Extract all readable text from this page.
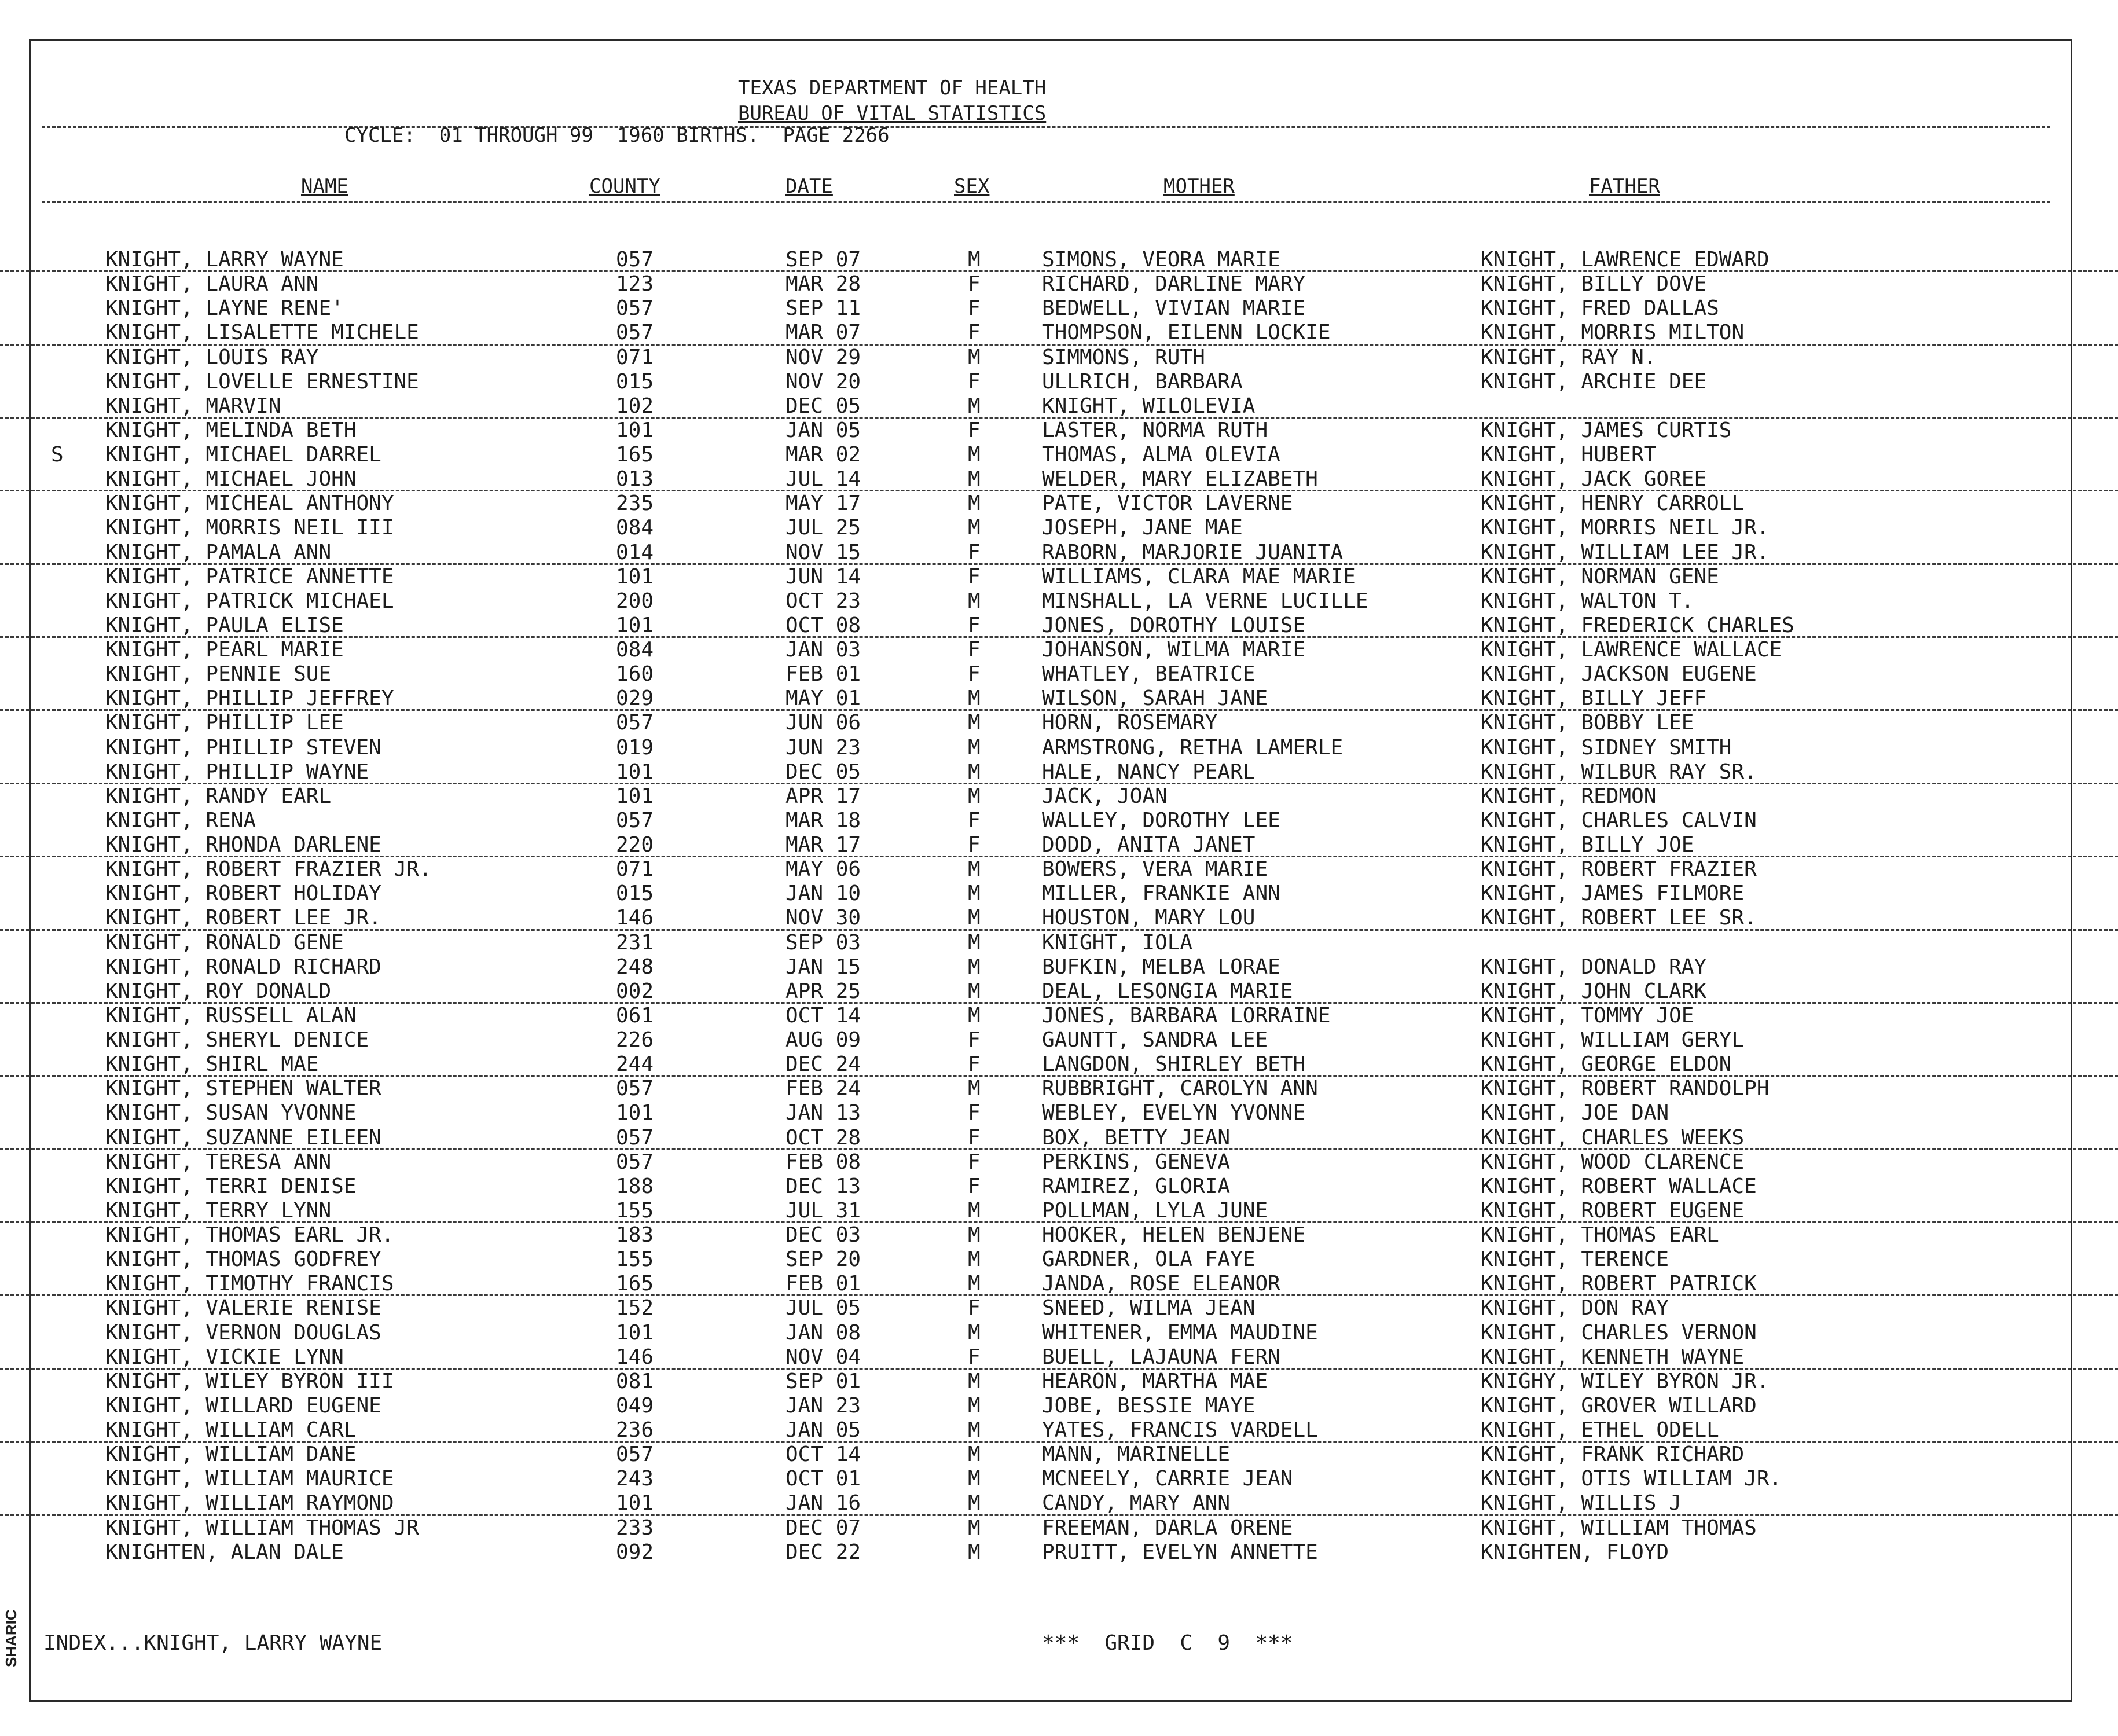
TEXAS DEPARTMENT OF HEALTH
BUREAU OF VITAL STATISTICS
CYCLE:  01 THROUGH 99  1960 BIRTHS.  PAGE 2266
NAME	COUNTY	DATE	SEX	MOTHER	FATHER
KNIGHT, LARRY WAYNE	057	SEP 07	M	SIMONS, VEORA MARIE	KNIGHT, LAWRENCE EDWARD
KNIGHT, LAURA ANN	123	MAR 28	F	RICHARD, DARLINE MARY	KNIGHT, BILLY DOVE
KNIGHT, LAYNE RENE'	057	SEP 11	F	BEDWELL, VIVIAN MARIE	KNIGHT, FRED DALLAS
KNIGHT, LISALETTE MICHELE	057	MAR 07	F	THOMPSON, EILENN LOCKIE	KNIGHT, MORRIS MILTON
KNIGHT, LOUIS RAY	071	NOV 29	M	SIMMONS, RUTH	KNIGHT, RAY N.
KNIGHT, LOVELLE ERNESTINE	015	NOV 20	F	ULLRICH, BARBARA	KNIGHT, ARCHIE DEE
KNIGHT, MARVIN	102	DEC 05	M	KNIGHT, WILOLEVIA
KNIGHT, MELINDA BETH	101	JAN 05	F	LASTER, NORMA RUTH	KNIGHT, JAMES CURTIS
S KNIGHT, MICHAEL DARREL	165	MAR 02	M	THOMAS, ALMA OLEVIA	KNIGHT, HUBERT
KNIGHT, MICHAEL JOHN	013	JUL 14	M	WELDER, MARY ELIZABETH	KNIGHT, JACK GOREE
KNIGHT, MICHEAL ANTHONY	235	MAY 17	M	PATE, VICTOR LAVERNE	KNIGHT, HENRY CARROLL
KNIGHT, MORRIS NEIL III	084	JUL 25	M	JOSEPH, JANE MAE	KNIGHT, MORRIS NEIL JR.
KNIGHT, PAMALA ANN	014	NOV 15	F	RABORN, MARJORIE JUANITA	KNIGHT, WILLIAM LEE JR.
KNIGHT, PATRICE ANNETTE	101	JUN 14	F	WILLIAMS, CLARA MAE MARIE	KNIGHT, NORMAN GENE
KNIGHT, PATRICK MICHAEL	200	OCT 23	M	MINSHALL, LA VERNE LUCILLE	KNIGHT, WALTON T.
KNIGHT, PAULA ELISE	101	OCT 08	F	JONES, DOROTHY LOUISE	KNIGHT, FREDERICK CHARLES
KNIGHT, PEARL MARIE	084	JAN 03	F	JOHANSON, WILMA MARIE	KNIGHT, LAWRENCE WALLACE
KNIGHT, PENNIE SUE	160	FEB 01	F	WHATLEY, BEATRICE	KNIGHT, JACKSON EUGENE
KNIGHT, PHILLIP JEFFREY	029	MAY 01	M	WILSON, SARAH JANE	KNIGHT, BILLY JEFF
KNIGHT, PHILLIP LEE	057	JUN 06	M	HORN, ROSEMARY	KNIGHT, BOBBY LEE
KNIGHT, PHILLIP STEVEN	019	JUN 23	M	ARMSTRONG, RETHA LAMERLE	KNIGHT, SIDNEY SMITH
KNIGHT, PHILLIP WAYNE	101	DEC 05	M	HALE, NANCY PEARL	KNIGHT, WILBUR RAY SR.
KNIGHT, RANDY EARL	101	APR 17	M	JACK, JOAN	KNIGHT, REDMON
KNIGHT, RENA	057	MAR 18	F	WALLEY, DOROTHY LEE	KNIGHT, CHARLES CALVIN
KNIGHT, RHONDA DARLENE	220	MAR 17	F	DODD, ANITA JANET	KNIGHT, BILLY JOE
KNIGHT, ROBERT FRAZIER JR.	071	MAY 06	M	BOWERS, VERA MARIE	KNIGHT, ROBERT FRAZIER
KNIGHT, ROBERT HOLIDAY	015	JAN 10	M	MILLER, FRANKIE ANN	KNIGHT, JAMES FILMORE
KNIGHT, ROBERT LEE JR.	146	NOV 30	M	HOUSTON, MARY LOU	KNIGHT, ROBERT LEE SR.
KNIGHT, RONALD GENE	231	SEP 03	M	KNIGHT, IOLA
KNIGHT, RONALD RICHARD	248	JAN 15	M	BUFKIN, MELBA LORAE	KNIGHT, DONALD RAY
KNIGHT, ROY DONALD	002	APR 25	M	DEAL, LESONGIA MARIE	KNIGHT, JOHN CLARK
KNIGHT, RUSSELL ALAN	061	OCT 14	M	JONES, BARBARA LORRAINE	KNIGHT, TOMMY JOE
KNIGHT, SHERYL DENICE	226	AUG 09	F	GAUNTT, SANDRA LEE	KNIGHT, WILLIAM GERYL
KNIGHT, SHIRL MAE	244	DEC 24	F	LANGDON, SHIRLEY BETH	KNIGHT, GEORGE ELDON
KNIGHT, STEPHEN WALTER	057	FEB 24	M	RUBBRIGHT, CAROLYN ANN	KNIGHT, ROBERT RANDOLPH
KNIGHT, SUSAN YVONNE	101	JAN 13	F	WEBLEY, EVELYN YVONNE	KNIGHT, JOE DAN
KNIGHT, SUZANNE EILEEN	057	OCT 28	F	BOX, BETTY JEAN	KNIGHT, CHARLES WEEKS
KNIGHT, TERESA ANN	057	FEB 08	F	PERKINS, GENEVA	KNIGHT, WOOD CLARENCE
KNIGHT, TERRI DENISE	188	DEC 13	F	RAMIREZ, GLORIA	KNIGHT, ROBERT WALLACE
KNIGHT, TERRY LYNN	155	JUL 31	M	POLLMAN, LYLA JUNE	KNIGHT, ROBERT EUGENE
KNIGHT, THOMAS EARL JR.	183	DEC 03	M	HOOKER, HELEN BENJENE	KNIGHT, THOMAS EARL
KNIGHT, THOMAS GODFREY	155	SEP 20	M	GARDNER, OLA FAYE	KNIGHT, TERENCE
KNIGHT, TIMOTHY FRANCIS	165	FEB 01	M	JANDA, ROSE ELEANOR	KNIGHT, ROBERT PATRICK
KNIGHT, VALERIE RENISE	152	JUL 05	F	SNEED, WILMA JEAN	KNIGHT, DON RAY
KNIGHT, VERNON DOUGLAS	101	JAN 08	M	WHITENER, EMMA MAUDINE	KNIGHT, CHARLES VERNON
KNIGHT, VICKIE LYNN	146	NOV 04	F	BUELL, LAJAUNA FERN	KNIGHT, KENNETH WAYNE
KNIGHT, WILEY BYRON III	081	SEP 01	M	HEARON, MARTHA MAE	KNIGHY, WILEY BYRON JR.
KNIGHT, WILLARD EUGENE	049	JAN 23	M	JOBE, BESSIE MAYE	KNIGHT, GROVER WILLARD
KNIGHT, WILLIAM CARL	236	JAN 05	M	YATES, FRANCIS VARDELL	KNIGHT, ETHEL ODELL
KNIGHT, WILLIAM DANE	057	OCT 14	M	MANN, MARINELLE	KNIGHT, FRANK RICHARD
KNIGHT, WILLIAM MAURICE	243	OCT 01	M	MCNEELY, CARRIE JEAN	KNIGHT, OTIS WILLIAM JR.
KNIGHT, WILLIAM RAYMOND	101	JAN 16	M	CANDY, MARY ANN	KNIGHT, WILLIS J
KNIGHT, WILLIAM THOMAS JR	233	DEC 07	M	FREEMAN, DARLA ORENE	KNIGHT, WILLIAM THOMAS
KNIGHTEN, ALAN DALE	092	DEC 22	M	PRUITT, EVELYN ANNETTE	KNIGHTEN, FLOYD
INDEX...KNIGHT, LARRY WAYNE	***  GRID  C  9  ***
SHARIC
